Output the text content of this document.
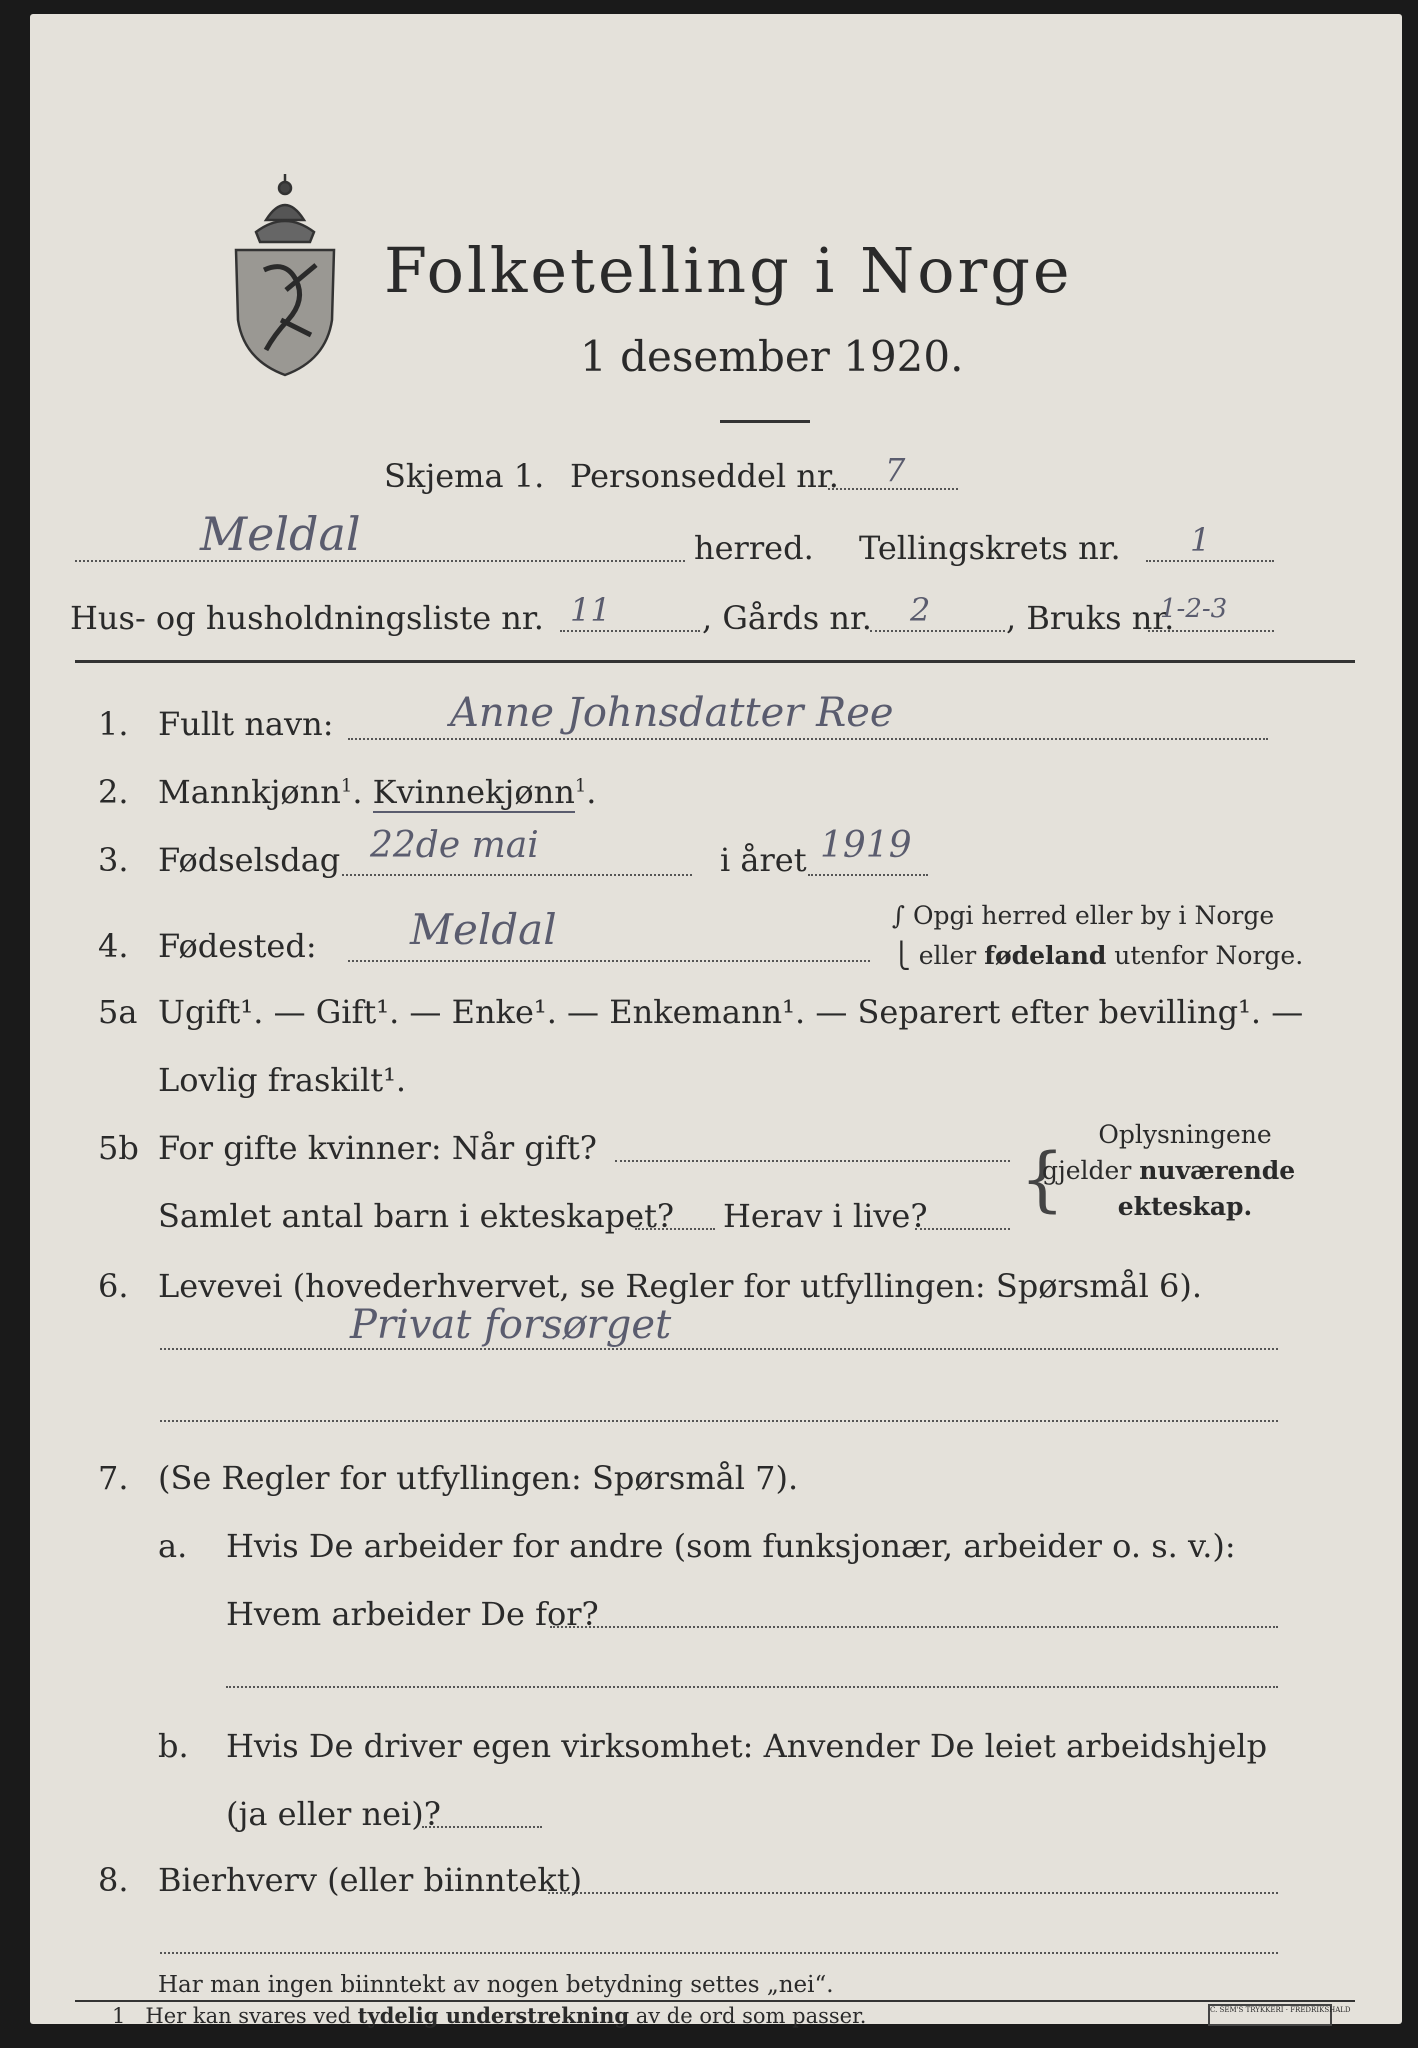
Folketelling i Norge
1 desember 1920.
Skjema 1. Personseddel nr. 7
Meldal	herred. Tellingskrets nr. 1
Hus- og husholdningsliste nr. 11	, Gårds nr. 2 , Bruks nr.
1-2-3
1. Fullt navn:	Anne Johnsdatter Ree
2. Mannkjønn$^1$. Kvinnekjønn$^1$.
3. Fødselsdag 22de mai	i året 1919
4. Fødested: Meldal	∫ Opgi herred eller by i Norge
⎩ eller fødeland utenfor Norge.
5a Ugift¹. — Gift¹. — Enke¹. — Enkemann¹. — Separert efter bevilling¹. —
Lovlig fraskilt¹.
5b For gifte kvinner: Når gift?
Samlet antal barn i ekteskapet? Herav i live? {
Oplysningene
gjelder nuværende
ekteskap.
6. Levevei (hovederhvervet, se Regler for utfyllingen: Spørsmål 6).
Privat forsørget
7. (Se Regler for utfyllingen: Spørsmål 7).
a. Hvis De arbeider for andre (som funksjonær, arbeider o. s. v.):
Hvem arbeider De for?
b. Hvis De driver egen virksomhet: Anvender De leiet arbeidshjelp
(ja eller nei)?
8. Bierhverv (eller biinntekt)
Har man ingen biinntekt av nogen betydning settes „nei“.
1 Her kan svares ved tydelig understrekning av de ord som passer.	C. SEM'S TRYKKERI · FREDRIKSHALD
